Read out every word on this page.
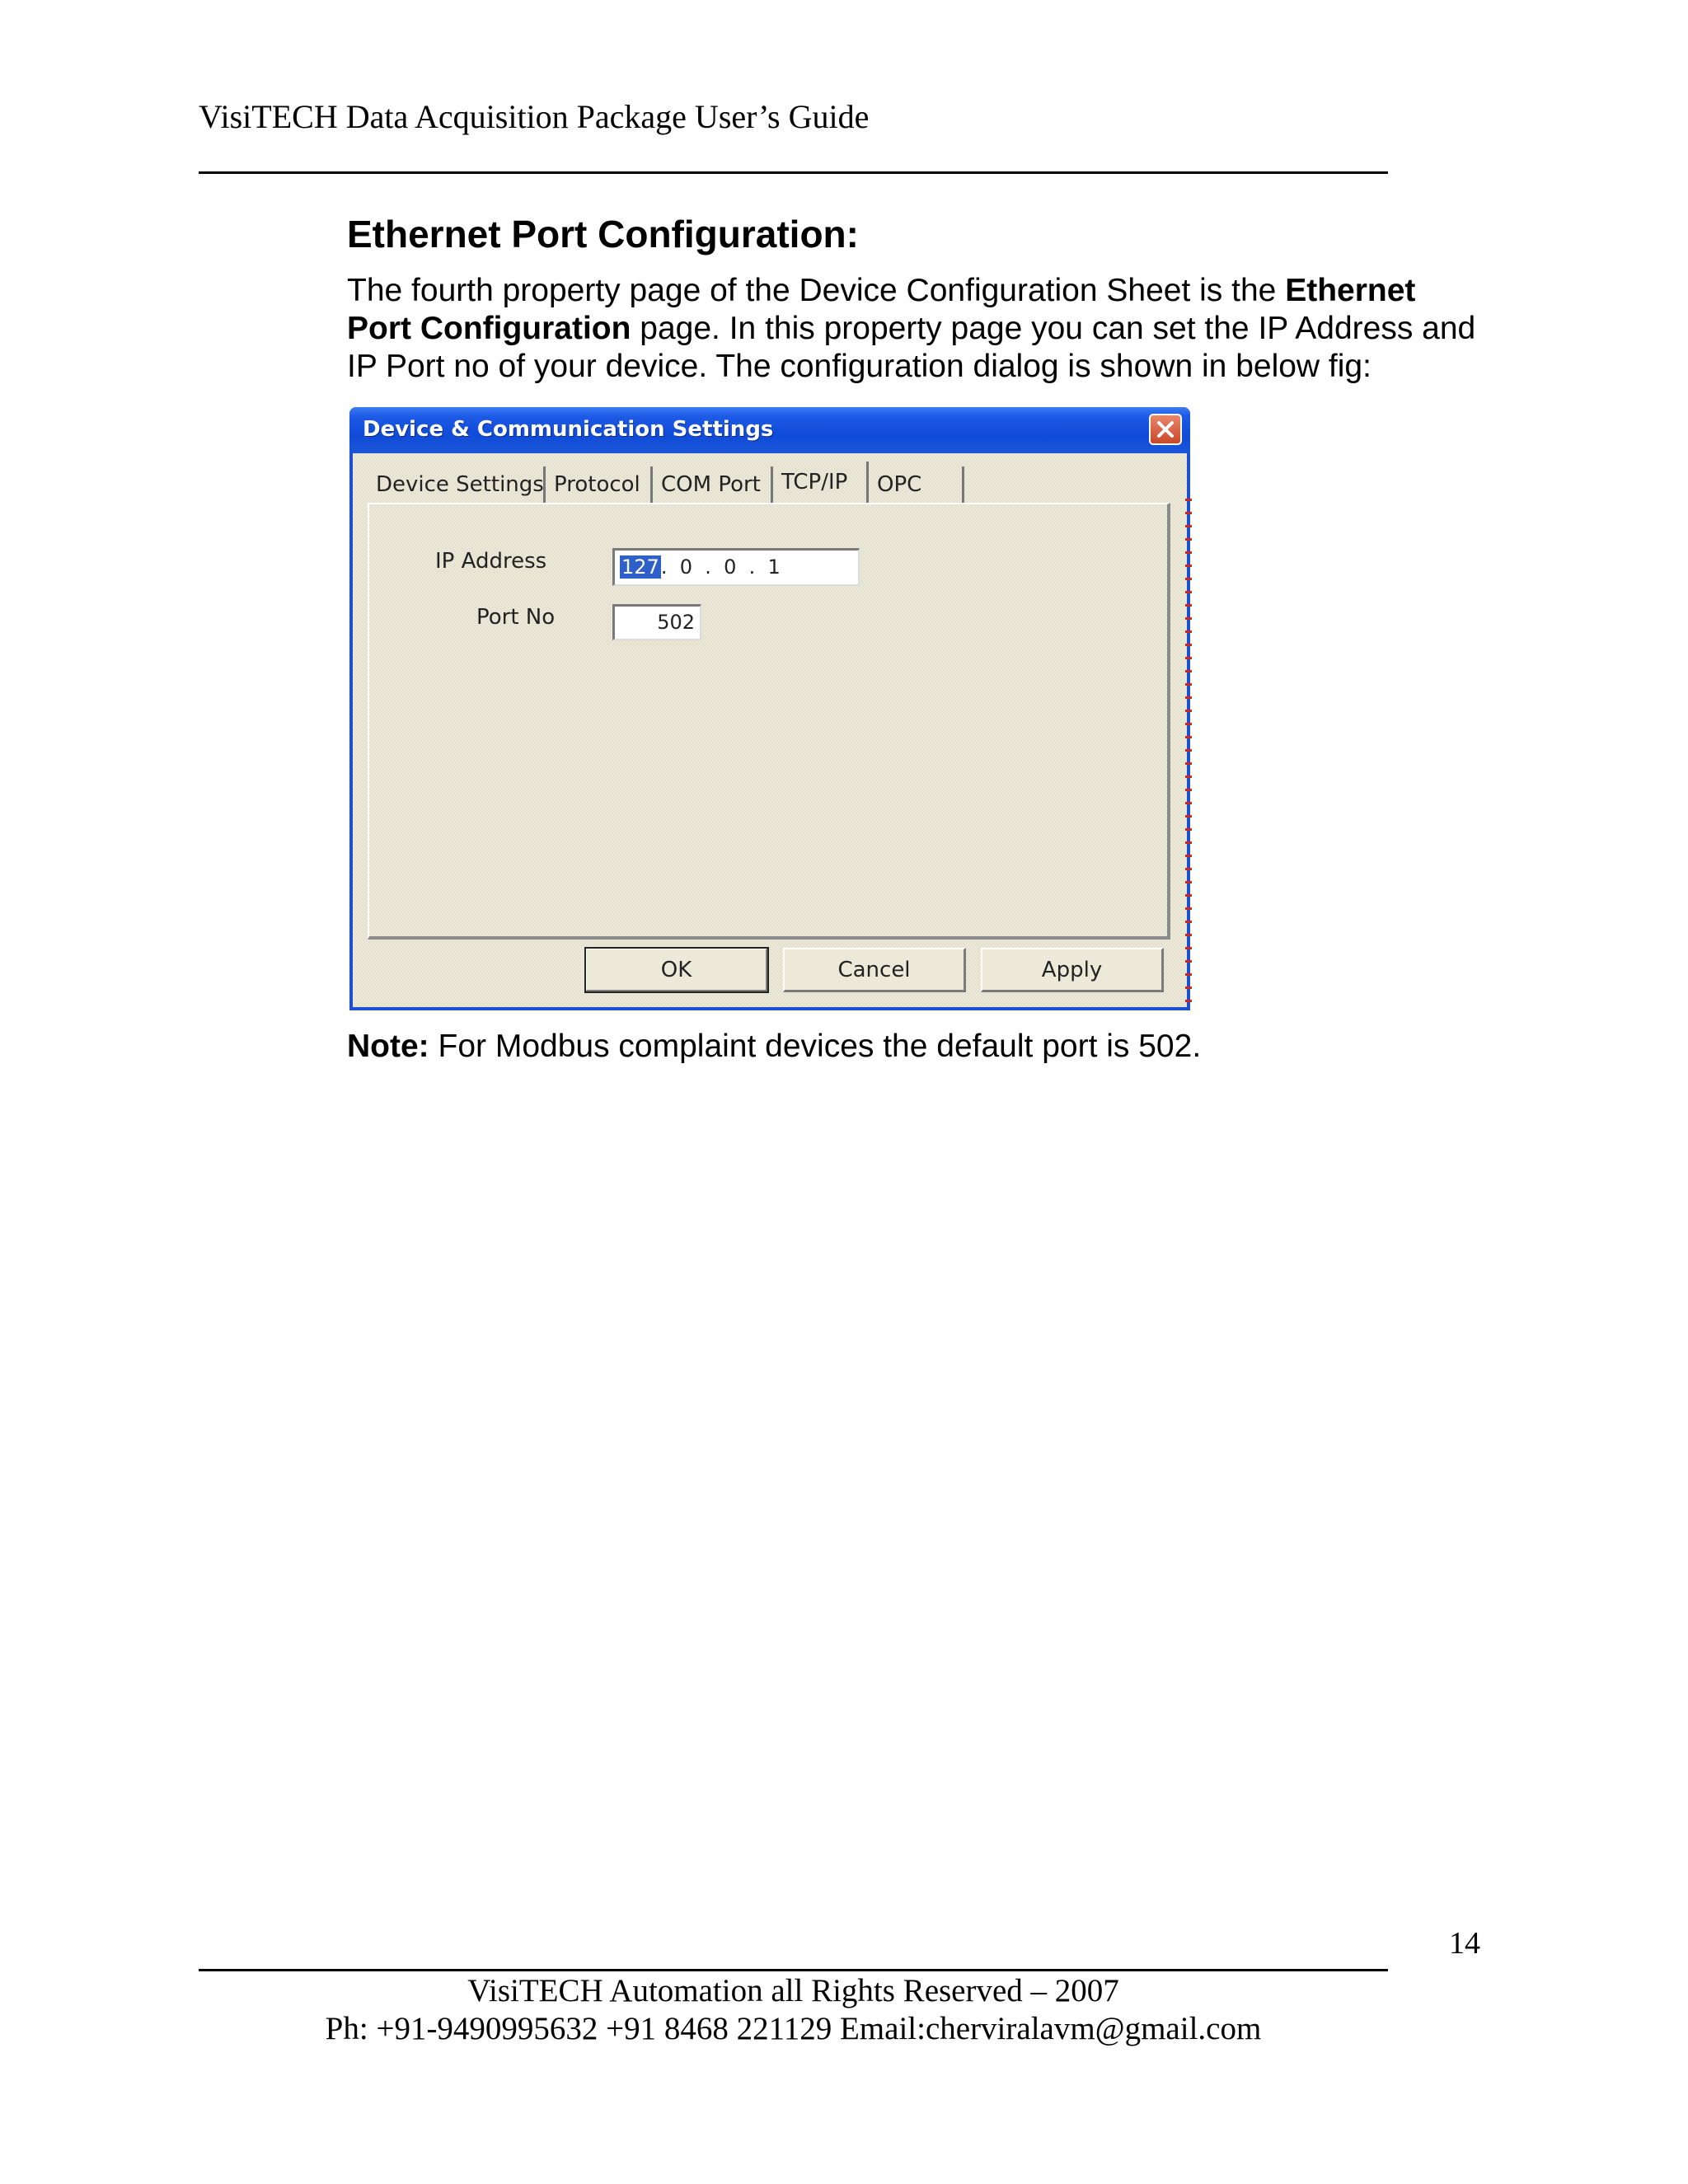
VisiTECH Data Acquisition Package User’s Guide
Ethernet Port Configuration:

The fourth property page of the Device Configuration Sheet is the Ethernet Port Configuration page. In this property page you can set the IP Address and IP Port no of your device. The configuration dialog is shown in below fig:

Device & Communication Settings
Device Settings Protocol COM Port TCP/IP	OPC
IP Address	127.  0  .  0  .  1
Port No	502
OK	Cancel	Apply

Note: For Modbus complaint devices the default port is 502.

14
VisiTECH Automation all Rights Reserved – 2007
Ph: +91-9490995632 +91 8468 221129 Email:cherviralavm@gmail.com
